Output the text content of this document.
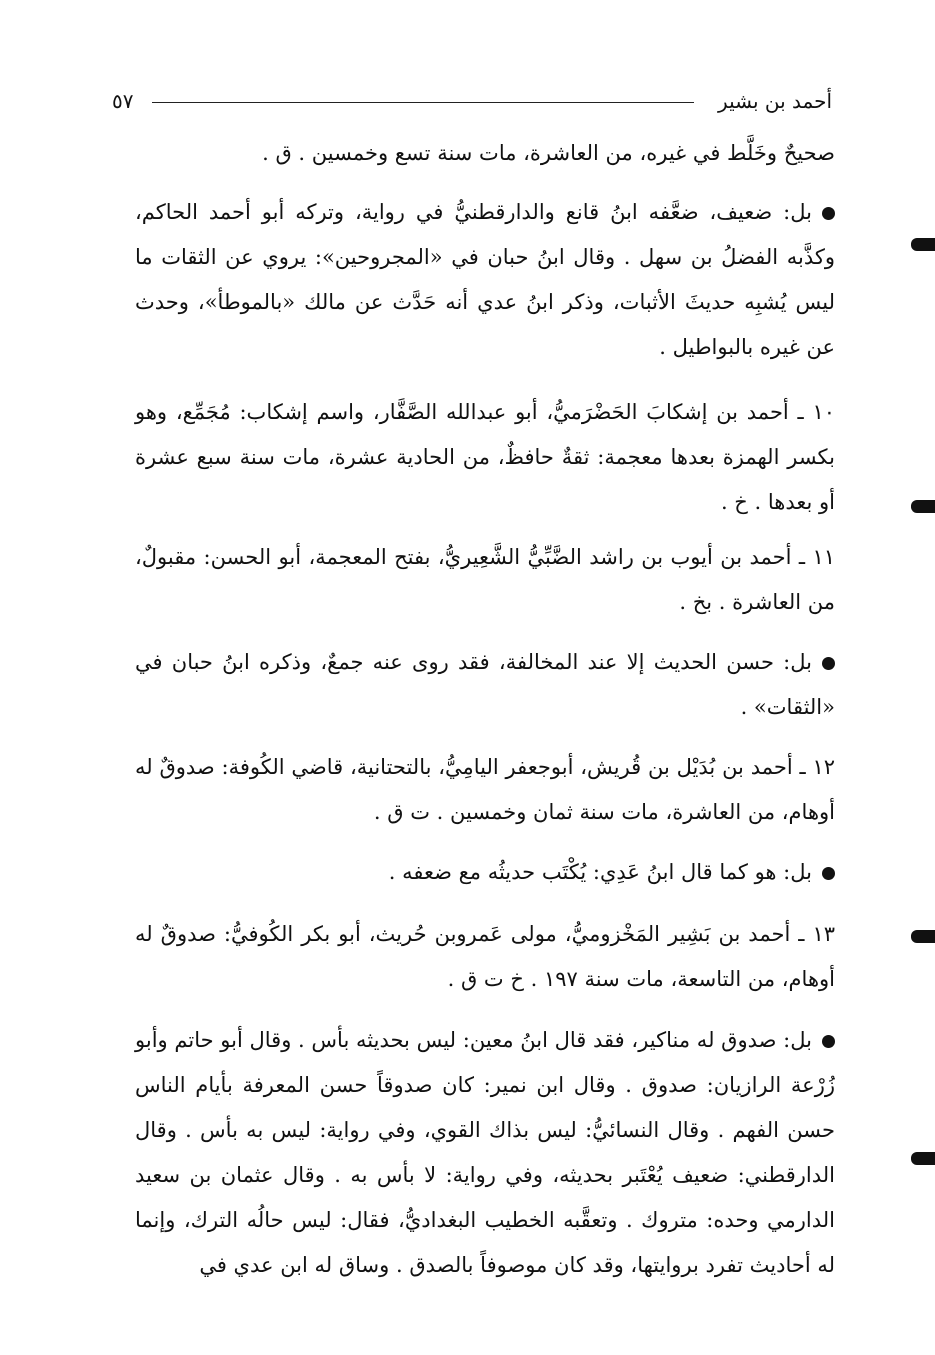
٥٧	أحمد بن بشير

صحيحٌ وخَلَّط في غيره، من العاشرة، مات سنة تسع وخمسين . ق .

بل: ضعيف، ضعَّفه ابنُ قانع والدارقطنيُّ في رواية، وتركه أبو أحمد الحاكم، وكذَّبه الفضلُ بن سهل . وقال ابنُ حبان في «المجروحين»: يروي عن الثقات ما ليس يُشبِه حديثَ الأثبات، وذكر ابنُ عدي أنه حَدَّث عن مالك «بالموطأ»، وحدث عن غيره بالبواطيل .

١٠ ـ أحمد بن إشكابَ الحَضْرَميُّ، أبو عبدالله الصَّفَّار، واسم إشكاب: مُجَمِّع، وهو بكسر الهمزة بعدها معجمة: ثقةٌ حافظٌ، من الحادية عشرة، مات سنة سبع عشرة أو بعدها . خ .

١١ ـ أحمد بن أيوب بن راشد الضَّبِّيُّ الشَّعِيريُّ، بفتح المعجمة، أبو الحسن: مقبولٌ، من العاشرة . بخ .

بل: حسن الحديث إلا عند المخالفة، فقد روى عنه جمعٌ، وذكره ابنُ حبان في «الثقات» .

١٢ ـ أحمد بن بُدَيْل بن قُريش، أبوجعفر اليامِيُّ، بالتحتانية، قاضي الكُوفة: صدوقٌ له أوهام، من العاشرة، مات سنة ثمان وخمسين . ت ق .

بل: هو كما قال ابنُ عَدِي: يُكْتَب حديثُه مع ضعفه .

١٣ ـ أحمد بن بَشِير المَخْزوميُّ، مولى عَمروبن حُريث، أبو بكر الكُوفيُّ: صدوقٌ له أوهام، من التاسعة، مات سنة ١٩٧ . خ ت ق .

بل: صدوق له مناكير، فقد قال ابنُ معين: ليس بحديثه بأس . وقال أبو حاتم وأبو زُرْعة الرازيان: صدوق . وقال ابن نمير: كان صدوقاً حسن المعرفة بأيام الناس حسن الفهم . وقال النسائيُّ: ليس بذاك القوي، وفي رواية: ليس به بأس . وقال الدارقطني: ضعيف يُعْتَبر بحديثه، وفي رواية: لا بأس به . وقال عثمان بن سعيد الدارمي وحده: متروك . وتعقَّبه الخطيب البغداديُّ، فقال: ليس حالُه الترك، وإنما له أحاديث تفرد بروايتها، وقد كان موصوفاً بالصدق . وساق له ابن عدي في
